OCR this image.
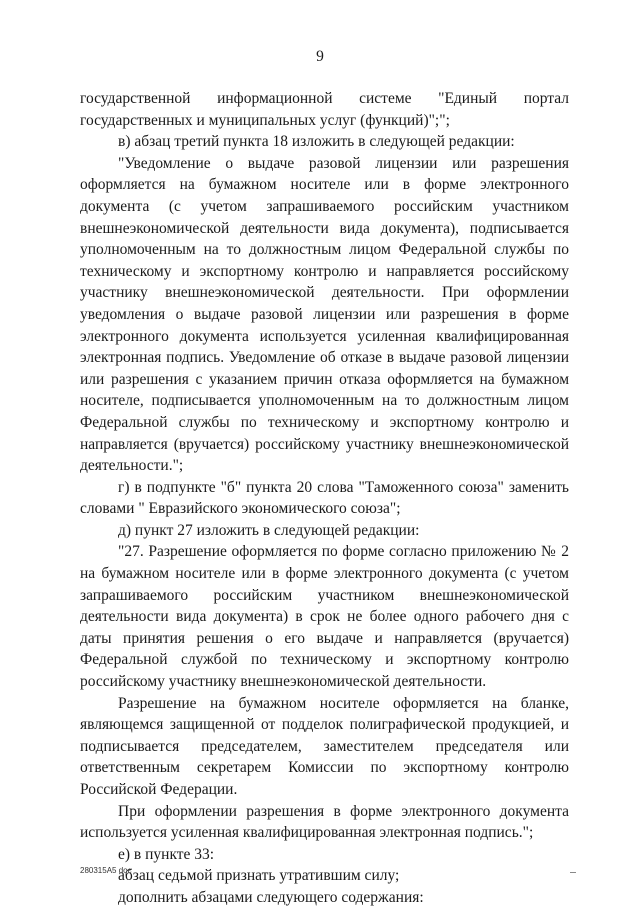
9

государственной информационной системе "Единый портал государственных и муниципальных услуг (функций)";";

в) абзац третий пункта 18 изложить в следующей редакции:

"Уведомление о выдаче разовой лицензии или разрешения оформляется на бумажном носителе или в форме электронного документа (с учетом запрашиваемого российским участником внешнеэкономической деятельности вида документа), подписывается уполномоченным на то должностным лицом Федеральной службы по техническому и экспортному контролю и направляется российскому участнику внешнеэкономической деятельности. При оформлении уведомления о выдаче разовой лицензии или разрешения в форме электронного документа используется усиленная квалифицированная электронная подпись. Уведомление об отказе в выдаче разовой лицензии или разрешения с указанием причин отказа оформляется на бумажном носителе, подписывается уполномоченным на то должностным лицом Федеральной службы по техническому и экспортному контролю и направляется (вручается) российскому участнику внешнеэкономической деятельности.";

г) в подпункте "б" пункта 20 слова "Таможенного союза" заменить словами " Евразийского экономического союза";

д) пункт 27 изложить в следующей редакции:

"27. Разрешение оформляется по форме согласно приложению № 2 на бумажном носителе или в форме электронного документа (с учетом запрашиваемого российским участником внешнеэкономической деятельности вида документа) в срок не более одного рабочего дня с даты принятия решения о его выдаче и направляется (вручается) Федеральной службой по техническому и экспортному контролю российскому участнику внешнеэкономической деятельности.

Разрешение на бумажном носителе оформляется на бланке, являющемся защищенной от подделок полиграфической продукцией, и подписывается председателем, заместителем председателя или ответственным секретарем Комиссии по экспортному контролю Российской Федерации.

При оформлении разрешения в форме электронного документа используется усиленная квалифицированная электронная подпись.";

е) в пункте 33:

абзац седьмой признать утратившим силу;

дополнить абзацами следующего содержания:

280315A5 doc
